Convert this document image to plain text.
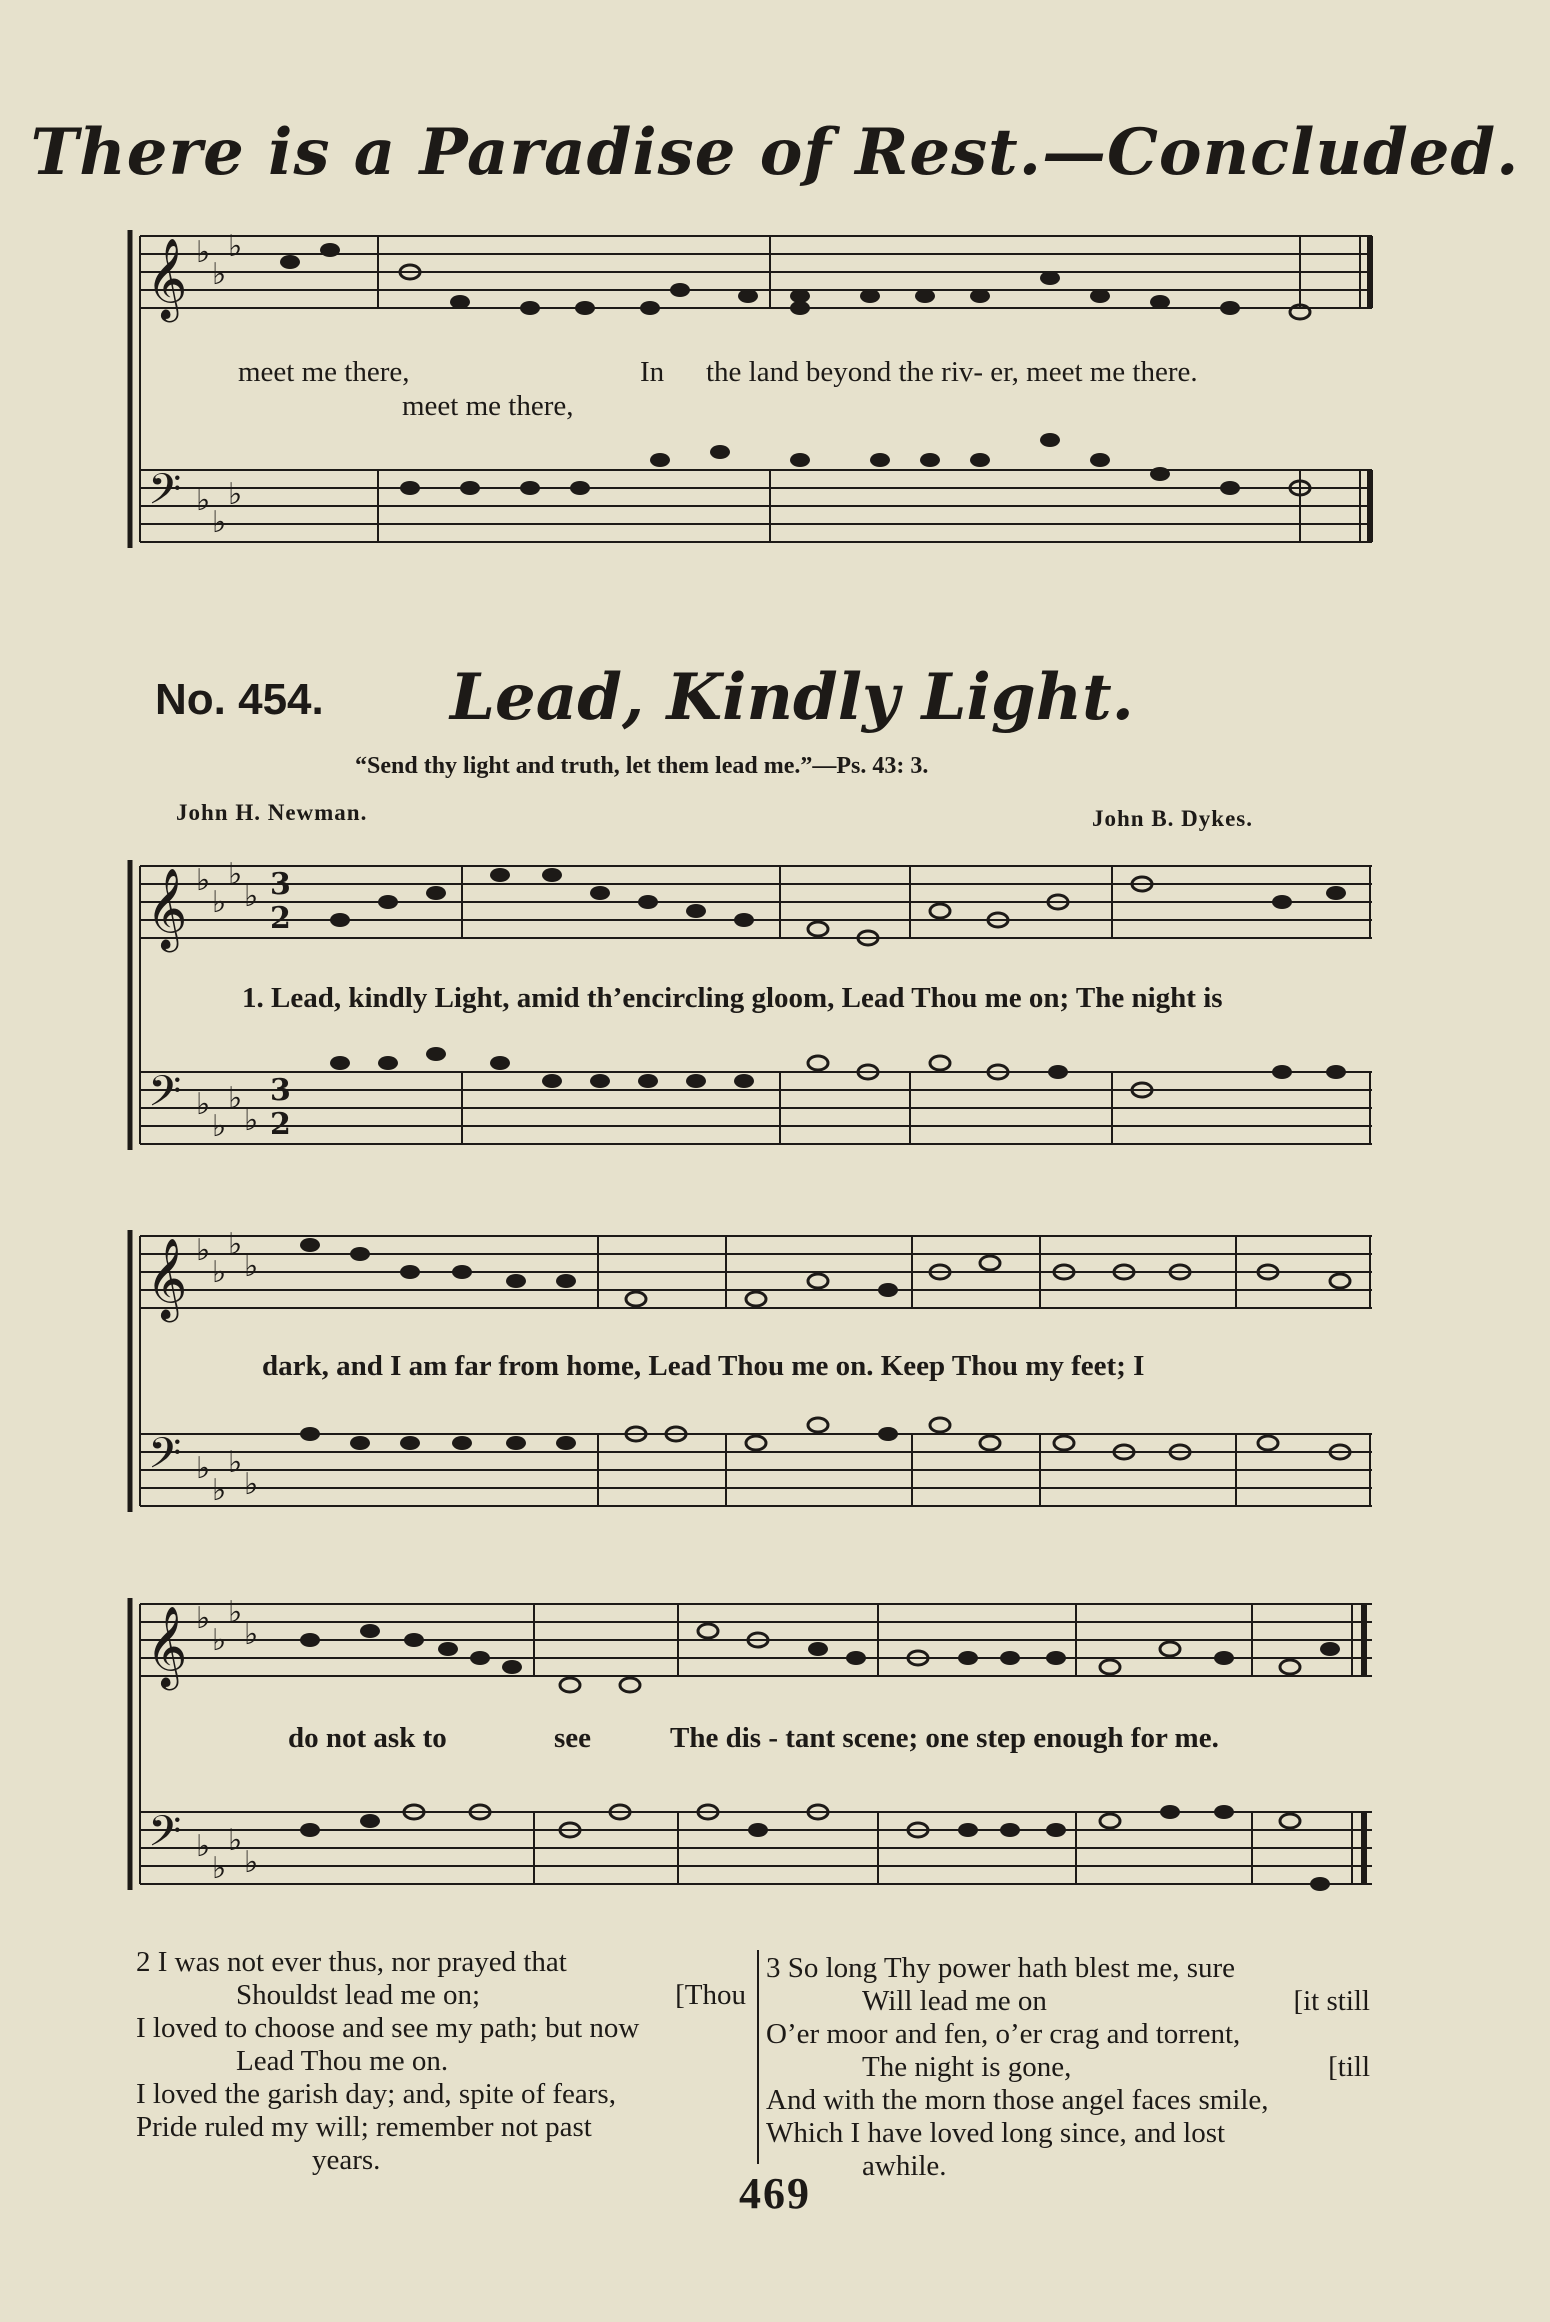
There is a Paradise of Rest.—Concluded.
𝄞
𝄢
𝄞
𝄢
𝄞
𝄢
𝄞
𝄢
♭
♭
♭
♭
♭
♭
♭
♭
♭
♭
♭
♭
♭
♭
♭
♭
♭
♭
♭
♭
♭
♭
♭
♭
♭
♭
♭
♭
♭
♭
3
2
3
2
meet me there,	In the land beyond the riv- er, meet me there.
meet me there,
No. 454. Lead, Kindly Light.
“Send thy light and truth, let them lead me.”—Ps. 43: 3.
John H. Newman.	John B. Dykes.
1. Lead, kindly Light, amid th’encircling gloom, Lead Thou me on; The night is
dark, and I am far from home, Lead Thou me on. Keep Thou my feet; I
do not ask to	see	The dis - tant scene; one step enough for me.
2 I was not ever thus, nor prayed that
Shouldst lead me on;	[Thou
I loved to choose and see my path; but now
Lead Thou me on.
I loved the garish day; and, spite of fears,
Pride ruled my will; remember not past
years.
3 So long Thy power hath blest me, sure
Will lead me on	[it still
O’er moor and fen, o’er crag and torrent,
The night is gone,	[till
And with the morn those angel faces smile,
Which I have loved long since, and lost
awhile.
469
